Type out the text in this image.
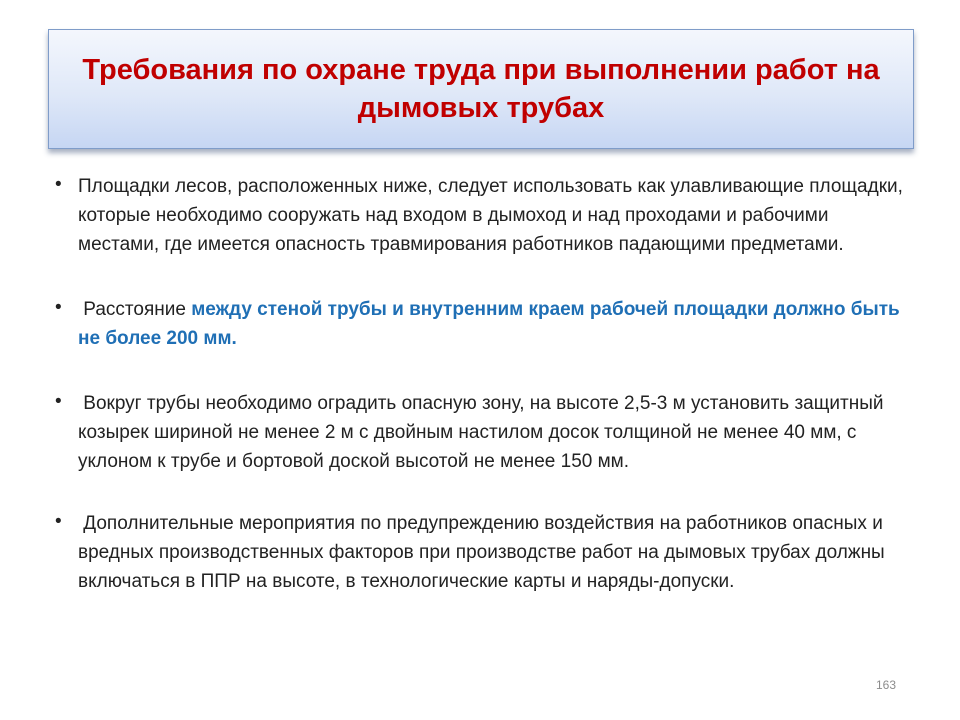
Требования по охране труда при выполнении работ на дымовых трубах
• Площадки лесов, расположенных ниже, следует использовать как улавливающие площадки, которые необходимо сооружать над входом в дымоход и над проходами и рабочими местами, где имеется опасность травмирования работников падающими предметами.
• Расстояние между стеной трубы и внутренним краем рабочей площадки должно быть не более 200 мм.
• Вокруг трубы необходимо оградить опасную зону, на высоте 2,5-3 м установить защитный козырек шириной не менее 2 м с двойным настилом досок толщиной не менее 40 мм, с уклоном к трубе и бортовой доской высотой не менее 150 мм.
• Дополнительные мероприятия по предупреждению воздействия на работников опасных и вредных производственных факторов при производстве работ на дымовых трубах должны включаться в ППР на высоте, в технологические карты и наряды-допуски.
163
